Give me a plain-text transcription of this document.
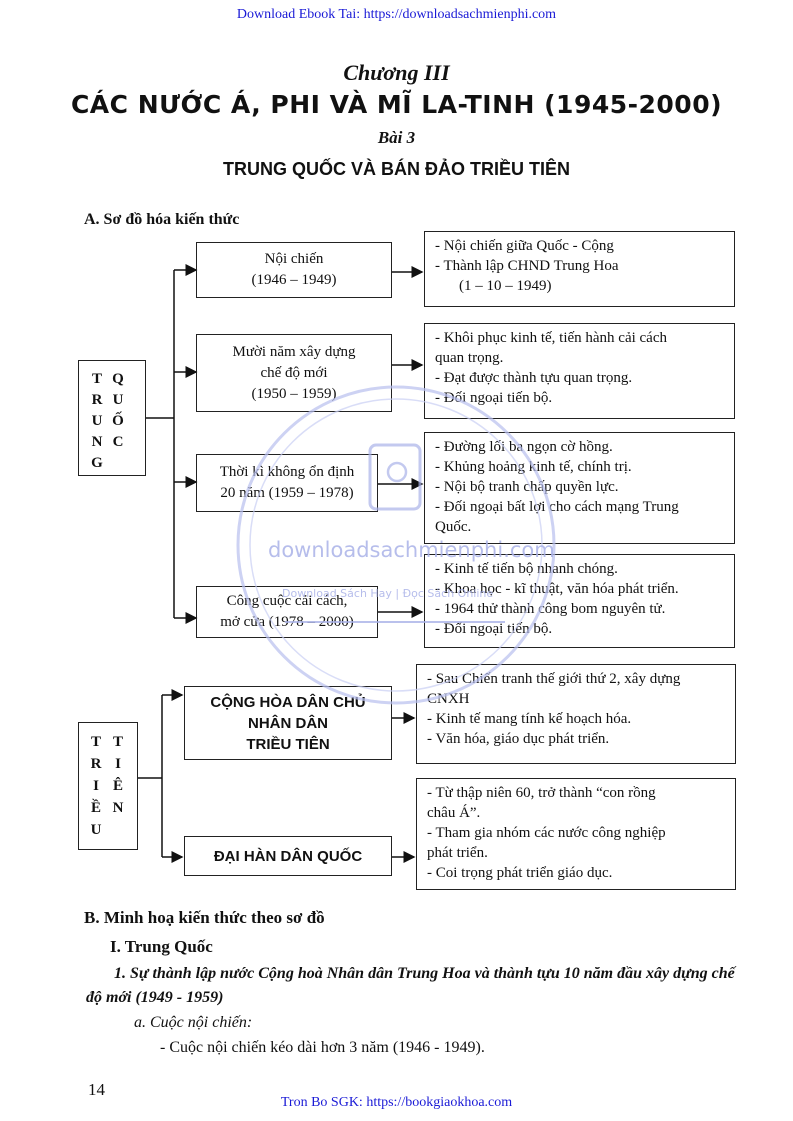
Download Ebook Tai: https://downloadsachmienphi.com
Chương III
CÁC NƯỚC Á, PHI VÀ MĨ LA-TINH (1945-2000)
Bài 3
TRUNG QUỐC VÀ BÁN ĐẢO TRIỀU TIÊN
A. Sơ đồ hóa kiến thức
T
R
U
N
G
Q
U
Ố
C
Nội chiến
(1946 – 1949)
Mười năm xây dựng
chế độ mới
(1950 – 1959)
Thời kì không ổn định
20 năm (1959 – 1978)
Công cuộc cải cách,
mở cửa (1978 – 2000)
- Nội chiến giữa Quốc - Cộng
- Thành lập CHND Trung Hoa
(1 – 10 – 1949)
- Khôi phục kinh tế, tiến hành cải cách
quan trọng.
- Đạt được thành tựu quan trọng.
- Đối ngoại tiến bộ.
- Đường lối ba ngọn cờ hồng.
- Khủng hoảng kinh tế, chính trị.
- Nội bộ tranh chấp quyền lực.
- Đối ngoại bất lợi cho cách mạng Trung
Quốc.
- Kinh tế tiến bộ nhanh chóng.
- Khoa học - kĩ thuật, văn hóa phát triển.
- 1964 thử thành công bom nguyên tử.
- Đối ngoại tiến bộ.
T
R
I
Ề
U
T
I
Ê
N
CỘNG HÒA DÂN CHỦ
NHÂN DÂN
TRIỀU TIÊN
ĐẠI HÀN DÂN QUỐC
- Sau Chiến tranh thế giới thứ 2, xây dựng
CNXH
- Kinh tế mang tính kế hoạch hóa.
- Văn hóa, giáo dục phát triển.
- Từ thập niên 60, trở thành “con rồng
châu Á”.
- Tham gia nhóm các nước công nghiệp
phát triển.
- Coi trọng phát triển giáo dục.
downloadsachmienphi.com
Download Sách Hay | Đọc Sách Online
B. Minh hoạ kiến thức theo sơ đồ
I. Trung Quốc
1. Sự thành lập nước Cộng hoà Nhân dân Trung Hoa và thành tựu 10 năm đầu xây dựng chế độ mới (1949 - 1959)
a. Cuộc nội chiến:
- Cuộc nội chiến kéo dài hơn 3 năm (1946 - 1949).
14
Tron Bo SGK: https://bookgiaokhoa.com
